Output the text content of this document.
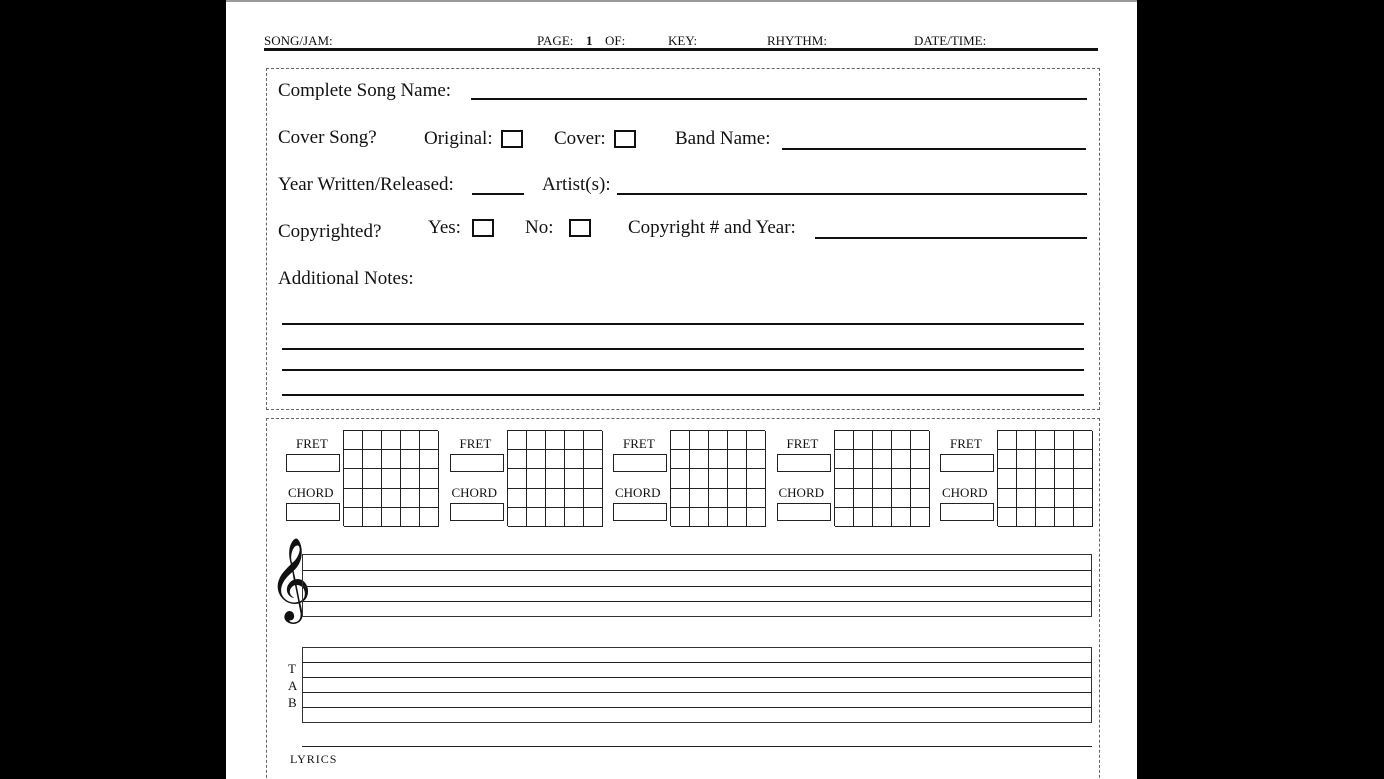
SONG/JAM:	PAGE: 1 OF:	KEY:	RHYTHM:	DATE/TIME:
Complete Song Name:
Cover Song? Original:	Cover:	Band Name:
Year Written/Released:	Artist(s):
Copyrighted? Yes:	No:	Copyright # and Year:
Additional Notes:
FRET
CHORD
FRET
CHORD
FRET
CHORD
FRET
CHORD
FRET
CHORD
𝄞
T
A
B
LYRICS
